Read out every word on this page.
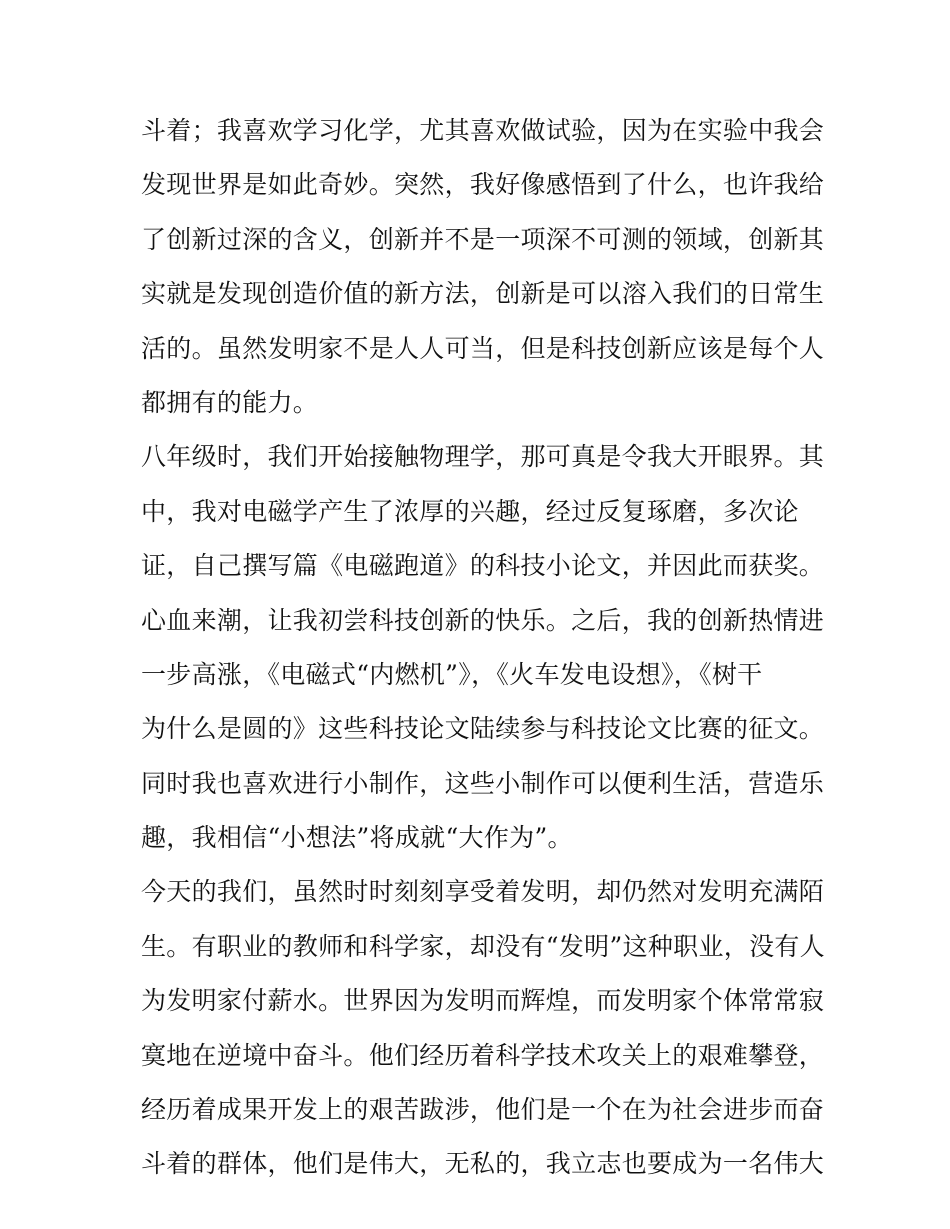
斗着；我喜欢学习化学，尤其喜欢做试验，因为在实验中我会
发现世界是如此奇妙。突然，我好像感悟到了什么，也许我给
了创新过深的含义，创新并不是一项深不可测的领域，创新其
实就是发现创造价值的新方法，创新是可以溶入我们的日常生
活的。虽然发明家不是人人可当，但是科技创新应该是每个人
都拥有的能力。
八年级时，我们开始接触物理学，那可真是令我大开眼界。其
中，我对电磁学产生了浓厚的兴趣，经过反复琢磨，多次论
证，自己撰写篇《电磁跑道》的科技小论文，并因此而获奖。
心血来潮，让我初尝科技创新的快乐。之后，我的创新热情进
一步高涨，《电磁式“内燃机”》，《火车发电设想》，《树干
为什么是圆的》这些科技论文陆续参与科技论文比赛的征文。
同时我也喜欢进行小制作，这些小制作可以便利生活，营造乐
趣，我相信“小想法”将成就“大作为”。
今天的我们，虽然时时刻刻享受着发明，却仍然对发明充满陌
生。有职业的教师和科学家，却没有“发明”这种职业，没有人
为发明家付薪水。世界因为发明而辉煌，而发明家个体常常寂
寞地在逆境中奋斗。他们经历着科学技术攻关上的艰难攀登，
经历着成果开发上的艰苦跋涉，他们是一个在为社会进步而奋
斗着的群体，他们是伟大，无私的，我立志也要成为一名伟大
